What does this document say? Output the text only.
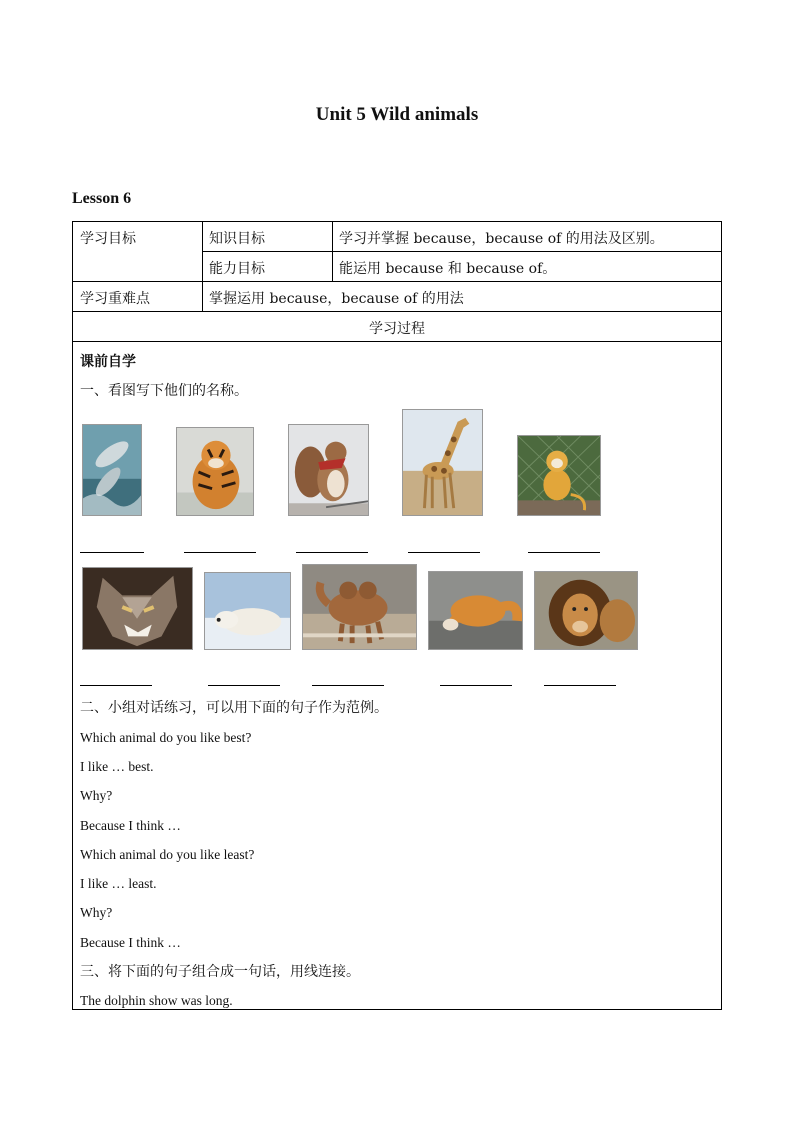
Unit 5 Wild animals
Lesson 6
学习目标	知识目标	学习并掌握 because，because of 的用法及区别。
能力目标	能运用 because 和 because of。
学习重难点	掌握运用 because，because of 的用法
学习过程
课前自学
一、看图写下他们的名称。
二、小组对话练习，可以用下面的句子作为范例。
Which animal do you like best?
I like … best.
Why?
Because I think …
Which animal do you like least?
I like … least.
Why?
Because I think …
三、将下面的句子组合成一句话，用线连接。
The dolphin show was long.
